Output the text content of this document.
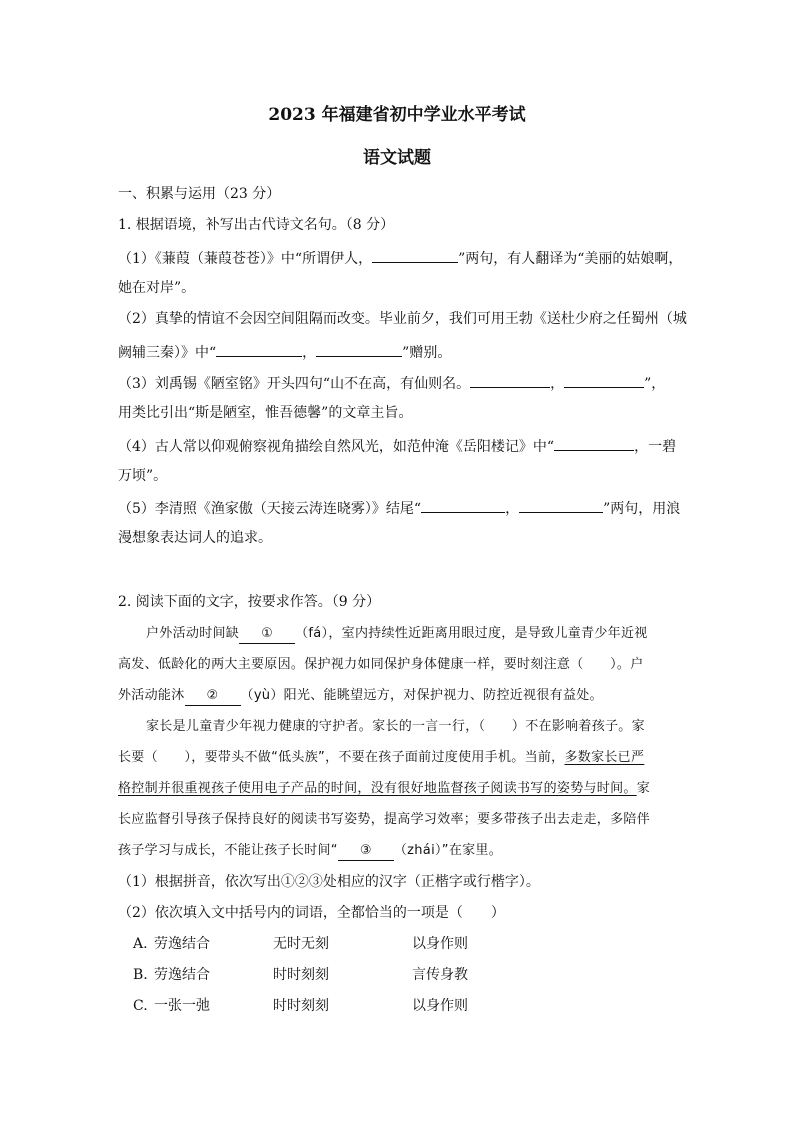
2023 年福建省初中学业水平考试
语文试题
一、积累与运用（23 分）
1. 根据语境，补写出古代诗文名句。（8 分）
（1）《蒹葭（蒹葭苍苍）》中“所谓伊人，	”两句，有人翻译为“美丽的姑娘啊，
她在对岸”。
（2）真挚的情谊不会因空间阻隔而改变。毕业前夕，我们可用王勃《送杜少府之任蜀州（城
阙辅三秦）》中“	，	”赠别。
（3）刘禹锡《陋室铭》开头四句“山不在高，有仙则名。	，	”，
用类比引出“斯是陋室，惟吾德馨”的文章主旨。
（4）古人常以仰观俯察视角描绘自然风光，如范仲淹《岳阳楼记》中“	，一碧
万顷”。
（5）李清照《渔家傲（天接云涛连晓雾）》结尾“	，	”两句，用浪
漫想象表达词人的追求。
2. 阅读下面的文字，按要求作答。（9 分）
户外活动时间缺 ① （fá），室内持续性近距离用眼过度，是导致儿童青少年近视
高发、低龄化的两大主要原因。保护视力如同保护身体健康一样，要时刻注意（　　）。户
外活动能沐 ② （yù）阳光、能眺望远方，对保护视力、防控近视很有益处。
家长是儿童青少年视力健康的守护者。家长的一言一行，（　　）不在影响着孩子。家
长要（　　），要带头不做“低头族”，不要在孩子面前过度使用手机。当前，多数家长已严
格控制并很重视孩子使用电子产品的时间，没有很好地监督孩子阅读书写的姿势与时间。家
长应监督引导孩子保持良好的阅读书写姿势，提高学习效率；要多带孩子出去走走，多陪伴
孩子学习与成长，不能让孩子长时间“ ③ （zhái）”在家里。
（1）根据拼音，依次写出①②③处相应的汉字（正楷字或行楷字）。
（2）依次填入文中括号内的词语，全都恰当的一项是（　　）
A. 劳逸结合	无时无刻	以身作则
B. 劳逸结合	时时刻刻	言传身教
C. 一张一弛	时时刻刻	以身作则
